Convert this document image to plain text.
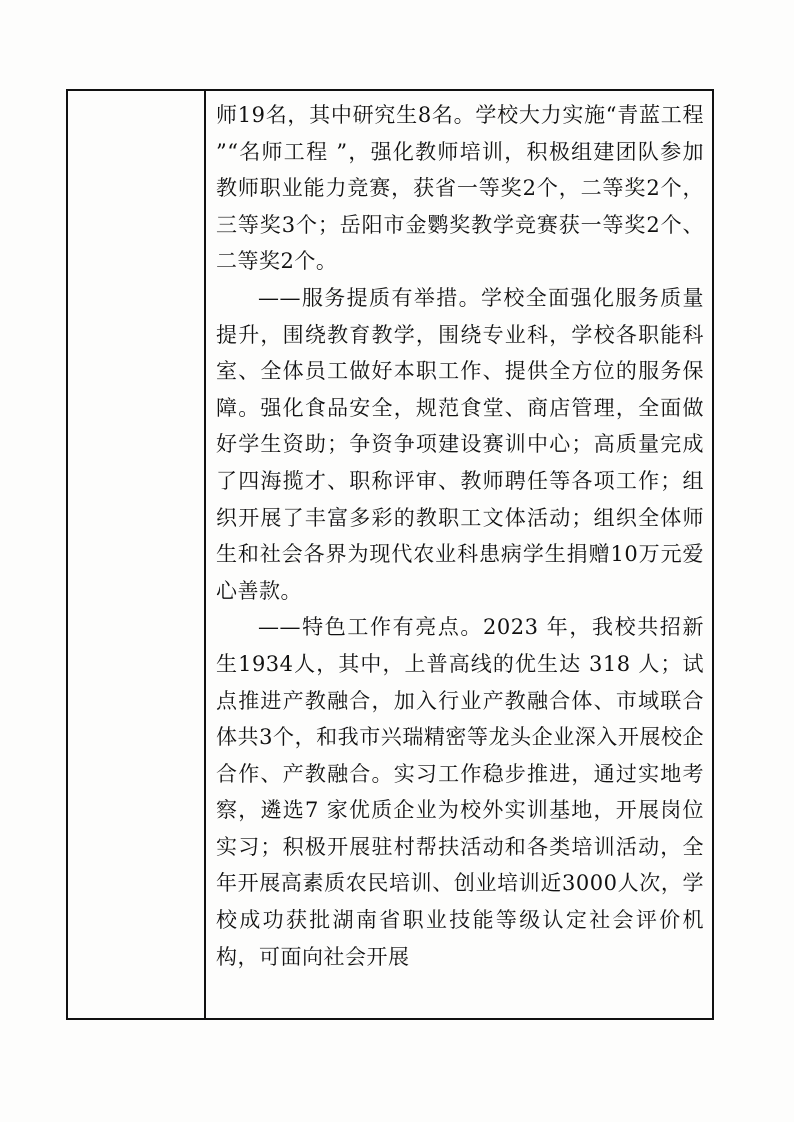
师19名，其中研究生8名。学校大力实施“青蓝工程 ”“名师工程 ”，强化教师培训，积极组建团队参加教师职业能力竞赛，获省一等奖2个，二等奖2个，三等奖3个；岳阳市金鹦奖教学竞赛获一等奖2个、二等奖2个。

——服务提质有举措。学校全面强化服务质量提升，围绕教育教学，围绕专业科，学校各职能科室、全体员工做好本职工作、提供全方位的服务保障。强化食品安全，规范食堂、商店管理，全面做好学生资助；争资争项建设赛训中心；高质量完成了四海揽才、职称评审、教师聘任等各项工作；组织开展了丰富多彩的教职工文体活动；组织全体师生和社会各界为现代农业科患病学生捐赠10万元爱心善款。

——特色工作有亮点。2023 年，我校共招新生1934人，其中，上普高线的优生达 318 人；试点推进产教融合，加入行业产教融合体、市域联合体共3个，和我市兴瑞精密等龙头企业深入开展校企合作、产教融合。实习工作稳步推进，通过实地考察，遴选7 家优质企业为校外实训基地，开展岗位实习；积极开展驻村帮扶活动和各类培训活动，全年开展高素质农民培训、创业培训近3000人次，学校成功获批湖南省职业技能等级认定社会评价机构，可面向社会开展
